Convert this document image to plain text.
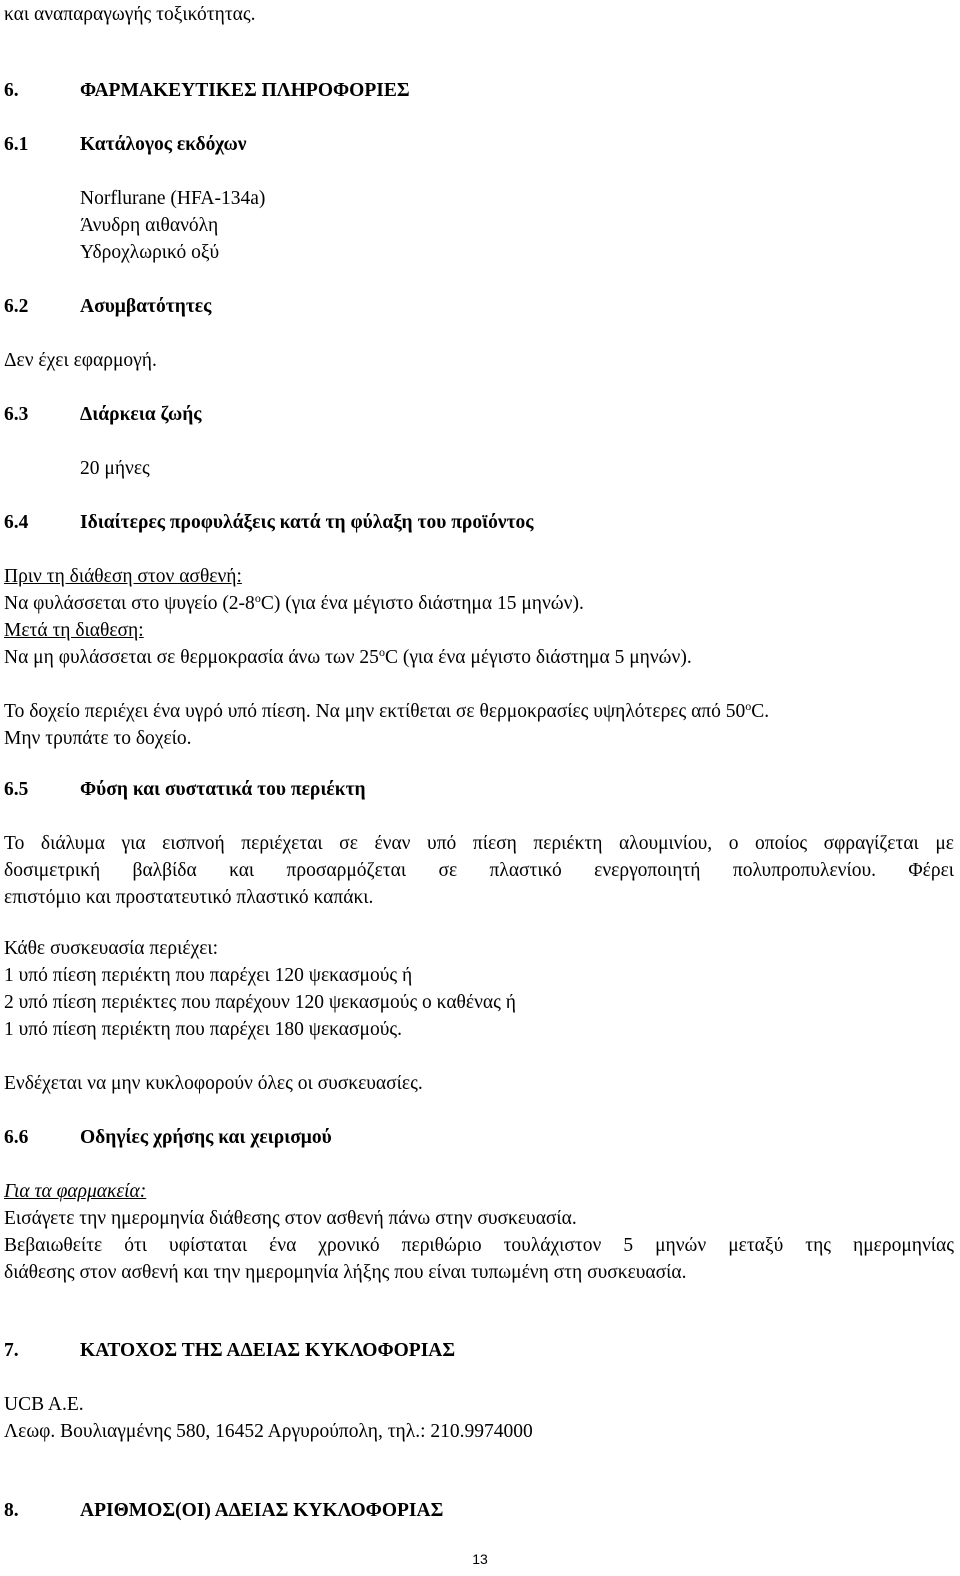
και αναπαραγωγής τοξικότητας.
6.	ΦΑΡΜΑΚΕΥΤΙΚΕΣ ΠΛΗΡΟΦΟΡΙΕΣ
6.1	Κατάλογος εκδόχων
Norflurane (HFA-134a)
Άνυδρη αιθανόλη
Υδροχλωρικό οξύ
6.2	Ασυμβατότητες
Δεν έχει εφαρμογή.
6.3	Διάρκεια ζωής
20 μήνες
6.4	Ιδιαίτερες προφυλάξεις κατά τη φύλαξη του προϊόντος
Πριν τη διάθεση στον ασθενή:
Να φυλάσσεται στο ψυγείο (2-8$^o$C) (για ένα μέγιστο διάστημα 15 μηνών).
Μετά τη διαθεση:
Να μη φυλάσσεται σε θερμοκρασία άνω των 25$^o$C (για ένα μέγιστο διάστημα 5 μηνών).
Το δοχείο περιέχει ένα υγρό υπό πίεση. Να μην εκτίθεται σε θερμοκρασίες υψηλότερες από 50$^o$C.
Μην τρυπάτε το δοχείο.
6.5	Φύση και συστατικά του περιέκτη
Το διάλυμα για εισπνοή περιέχεται σε έναν υπό πίεση περιέκτη αλουμινίου, ο οποίος σφραγίζεται με
δοσιμετρική βαλβίδα και προσαρμόζεται σε πλαστικό ενεργοποιητή πολυπροπυλενίου. Φέρει
επιστόμιο και προστατευτικό πλαστικό καπάκι.
Κάθε συσκευασία περιέχει:
1 υπό πίεση περιέκτη που παρέχει 120 ψεκασμούς ή
2 υπό πίεση περιέκτες που παρέχουν 120 ψεκασμούς ο καθένας ή
1 υπό πίεση περιέκτη που παρέχει 180 ψεκασμούς.
Ενδέχεται να μην κυκλοφορούν όλες οι συσκευασίες.
6.6	Οδηγίες χρήσης και χειρισμού
Για τα φαρμακεία:
Εισάγετε την ημερομηνία διάθεσης στον ασθενή πάνω στην συσκευασία.
Βεβαιωθείτε ότι υφίσταται ένα χρονικό περιθώριο τουλάχιστον 5 μηνών μεταξύ της ημερομηνίας
διάθεσης στον ασθενή και την ημερομηνία λήξης που είναι τυπωμένη στη συσκευασία.
7.	ΚΑΤΟΧΟΣ ΤΗΣ ΑΔΕΙΑΣ ΚΥΚΛΟΦΟΡΙΑΣ
UCB A.E.
Λεωφ. Βουλιαγμένης 580, 16452 Αργυρούπολη, τηλ.: 210.9974000
8.	ΑΡΙΘΜΟΣ(ΟΙ) ΑΔΕΙΑΣ ΚΥΚΛΟΦΟΡΙΑΣ
13
